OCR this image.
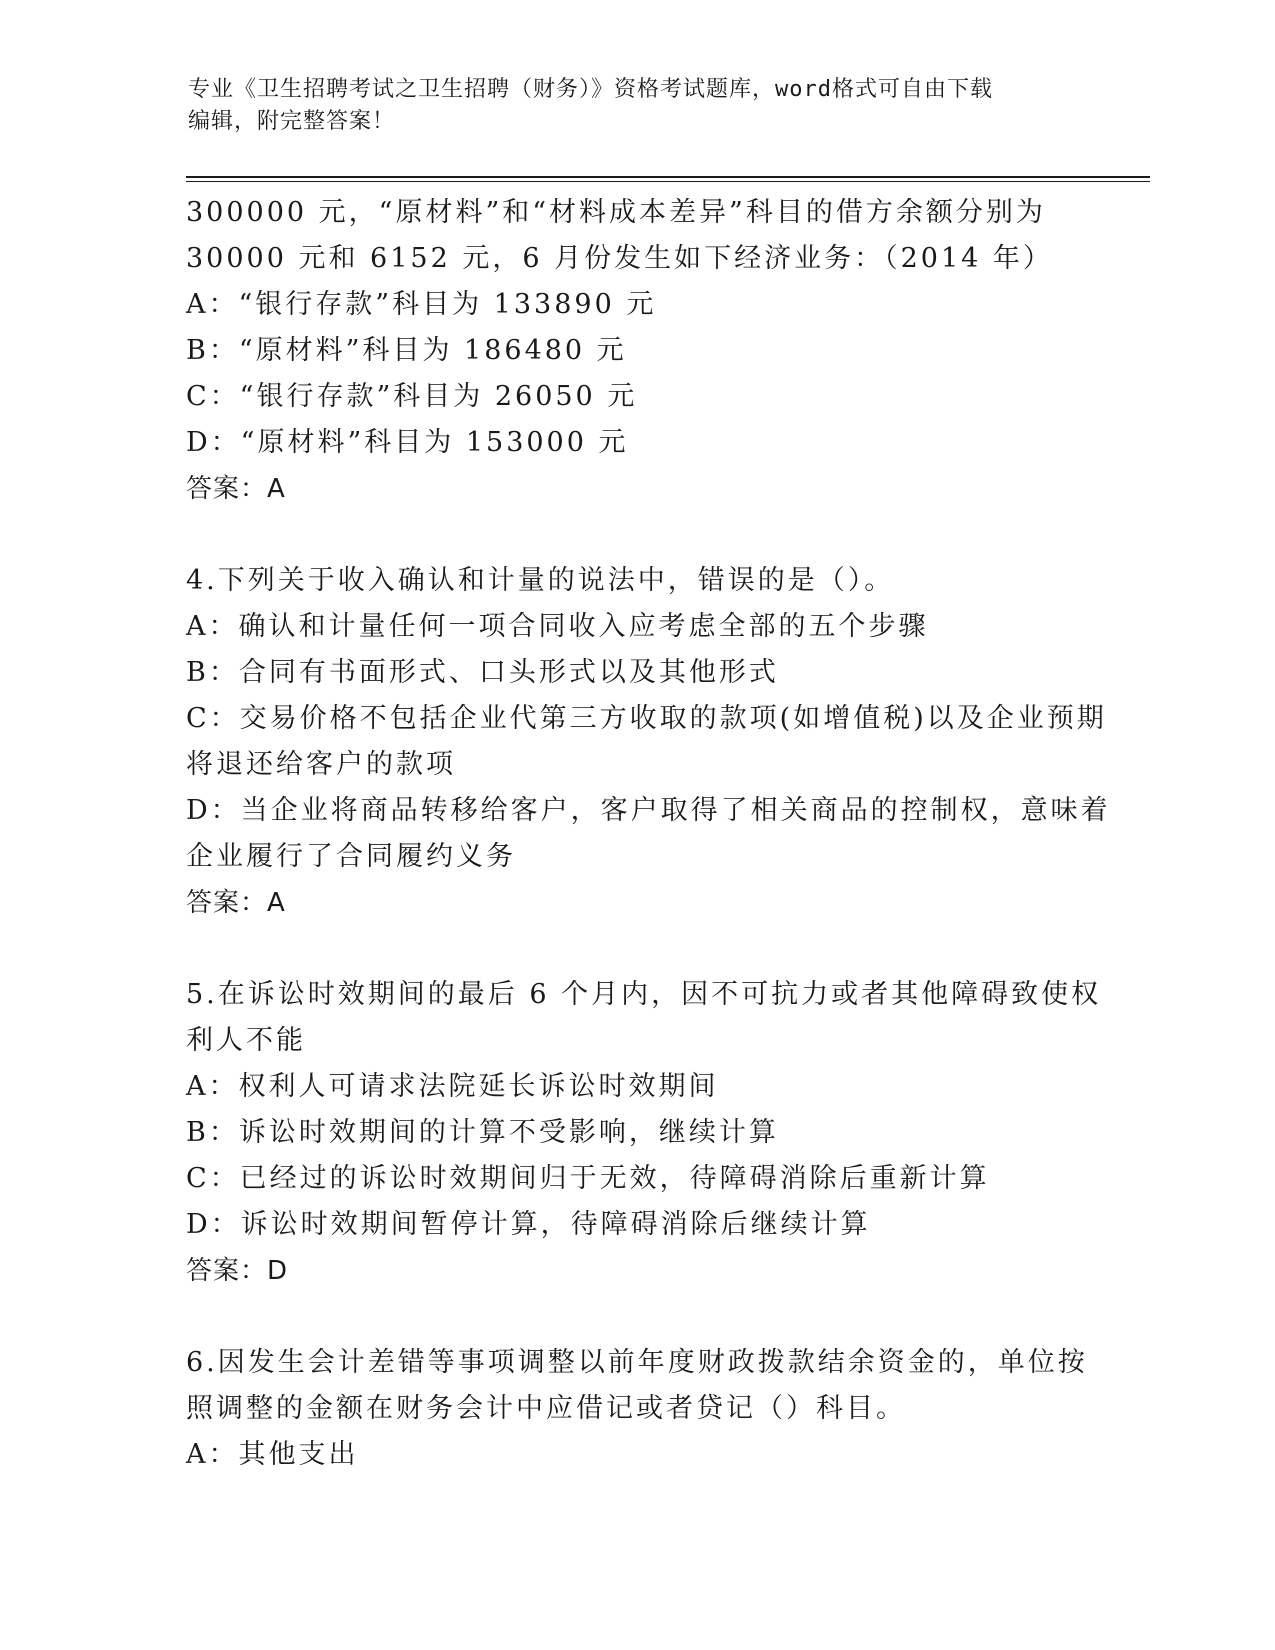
专业《卫生招聘考试之卫生招聘（财务）》资格考试题库，word格式可自由下载
编辑，附完整答案！
300000 元，“原材料”和“材料成本差异”科目的借方余额分别为
30000 元和 6152 元，6 月份发生如下经济业务：（2014 年）
A：“银行存款”科目为 133890 元
B：“原材料”科目为 186480 元
C：“银行存款”科目为 26050 元
D：“原材料”科目为 153000 元
答案：A
4.下列关于收入确认和计量的说法中，错误的是（）。
A：确认和计量任何一项合同收入应考虑全部的五个步骤
B：合同有书面形式、口头形式以及其他形式
C：交易价格不包括企业代第三方收取的款项(如增值税)以及企业预期
将退还给客户的款项
D：当企业将商品转移给客户，客户取得了相关商品的控制权，意味着
企业履行了合同履约义务
答案：A
5.在诉讼时效期间的最后 6 个月内，因不可抗力或者其他障碍致使权
利人不能
A：权利人可请求法院延长诉讼时效期间
B：诉讼时效期间的计算不受影响，继续计算
C：已经过的诉讼时效期间归于无效，待障碍消除后重新计算
D：诉讼时效期间暂停计算，待障碍消除后继续计算
答案：D
6.因发生会计差错等事项调整以前年度财政拨款结余资金的，单位按
照调整的金额在财务会计中应借记或者贷记（）科目。
A：其他支出
